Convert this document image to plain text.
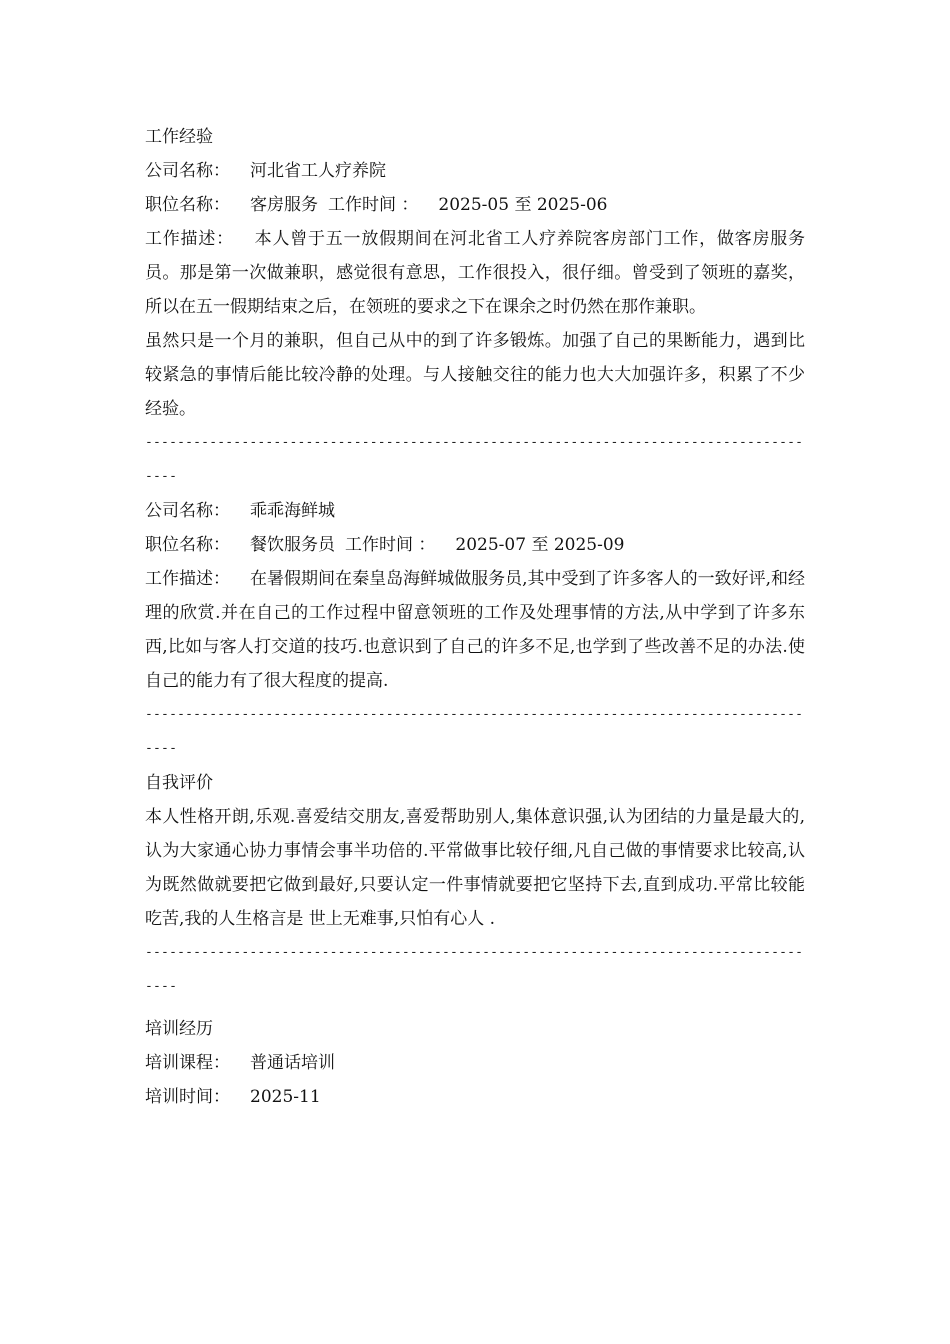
工作经验
公司名称： 河北省工人疗养院
职位名称： 客房服务 工作时间 ： 2025-05 至 2025-06
工作描述： 本人曾于五一放假期间在河北省工人疗养院客房部门工作，做客房服务员。那是第一次做兼职，感觉很有意思，工作很投入，很仔细。曾受到了领班的嘉奖，所以在五一假期结束之后，在领班的要求之下在课余之时仍然在那作兼职。
虽然只是一个月的兼职，但自己从中的到了许多锻炼。加强了自己的果断能力，遇到比较紧急的事情后能比较冷静的处理。与人接触交往的能力也大大加强许多，积累了不少经验。
--------------------------------------------------------------------------------------
公司名称： 乖乖海鲜城
职位名称： 餐饮服务员 工作时间 ： 2025-07 至 2025-09
工作描述： 在暑假期间在秦皇岛海鲜城做服务员,其中受到了许多客人的一致好评,和经理的欣赏.并在自己的工作过程中留意领班的工作及处理事情的方法,从中学到了许多东西,比如与客人打交道的技巧.也意识到了自己的许多不足,也学到了些改善不足的办法.使自己的能力有了很大程度的提高.
--------------------------------------------------------------------------------------
自我评价
本人性格开朗,乐观.喜爱结交朋友,喜爱帮助别人,集体意识强,认为团结的力量是最大的,认为大家通心协力事情会事半功倍的.平常做事比较仔细,凡自己做的事情要求比较高,认为既然做就要把它做到最好,只要认定一件事情就要把它坚持下去,直到成功.平常比较能吃苦,我的人生格言是 世上无难事,只怕有心人 .
--------------------------------------------------------------------------------------
培训经历
培训课程： 普通话培训
培训时间： 2025-11
